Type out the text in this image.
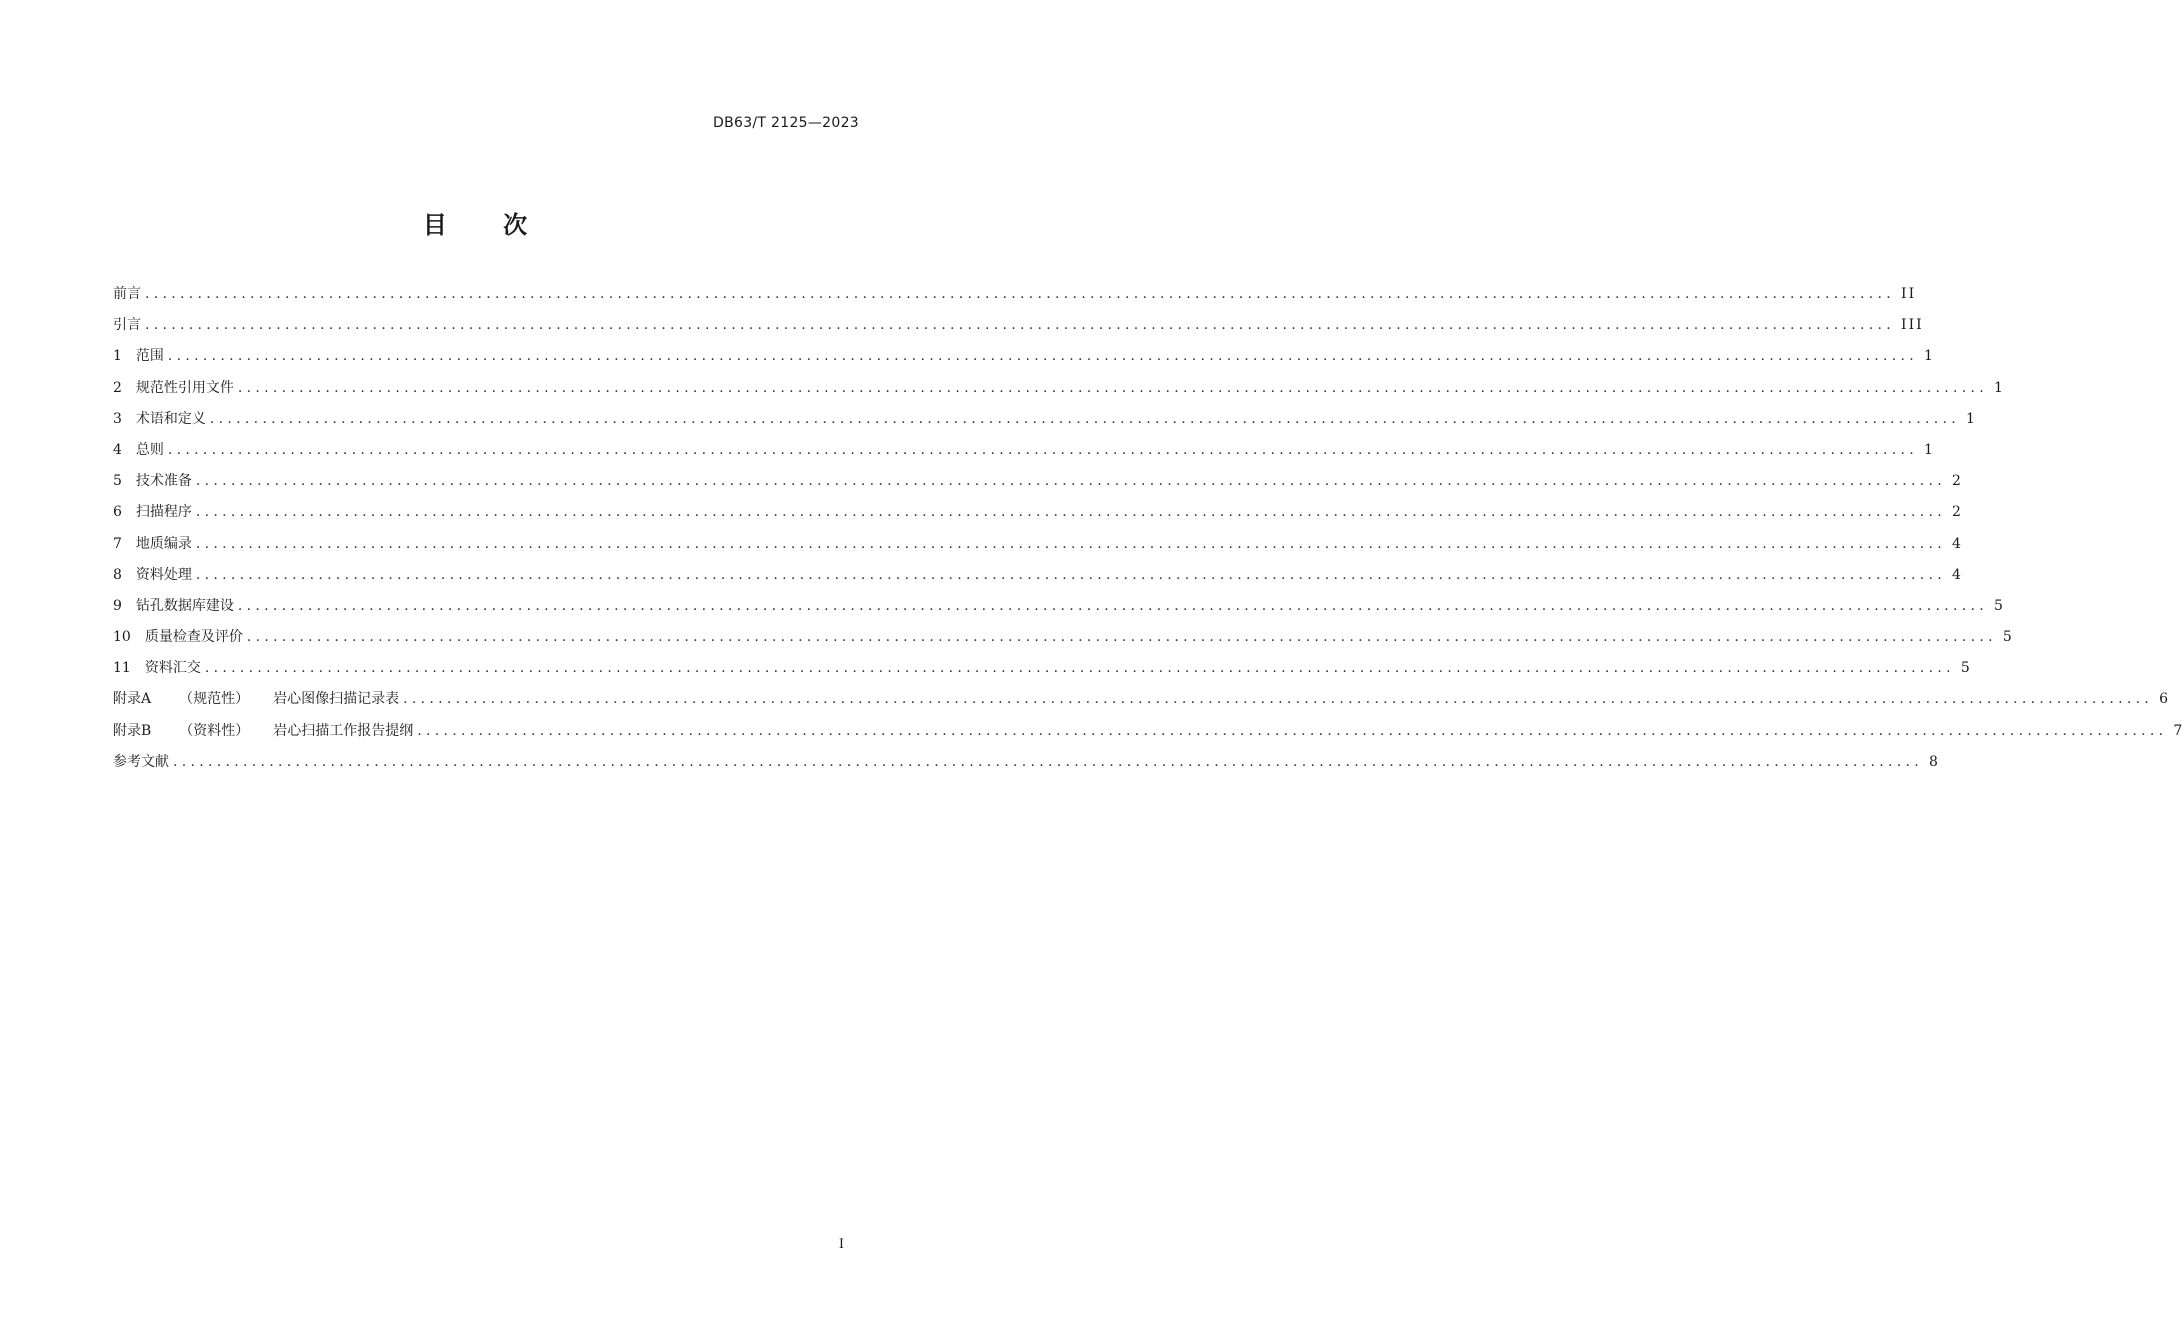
DB63/T 2125—2023
目 次
前言 ........................................................................................................................................................................................................ II
引言 ........................................................................................................................................................................................................ III
1 范围 ........................................................................................................................................................................................................ 1
2 规范性引用文件 ........................................................................................................................................................................................................ 1
3 术语和定义 ........................................................................................................................................................................................................ 1
4 总则 ........................................................................................................................................................................................................ 1
5 技术准备 ........................................................................................................................................................................................................ 2
6 扫描程序 ........................................................................................................................................................................................................ 2
7 地质编录 ........................................................................................................................................................................................................ 4
8 资料处理 ........................................................................................................................................................................................................ 4
9 钻孔数据库建设 ........................................................................................................................................................................................................ 5
10 质量检查及评价 ........................................................................................................................................................................................................ 5
11 资料汇交 ........................................................................................................................................................................................................ 5
附录A （规范性） 岩心图像扫描记录表 ........................................................................................................................................................................................................ 6
附录B （资料性） 岩心扫描工作报告提纲 ........................................................................................................................................................................................................ 7
参考文献 ........................................................................................................................................................................................................ 8
I
